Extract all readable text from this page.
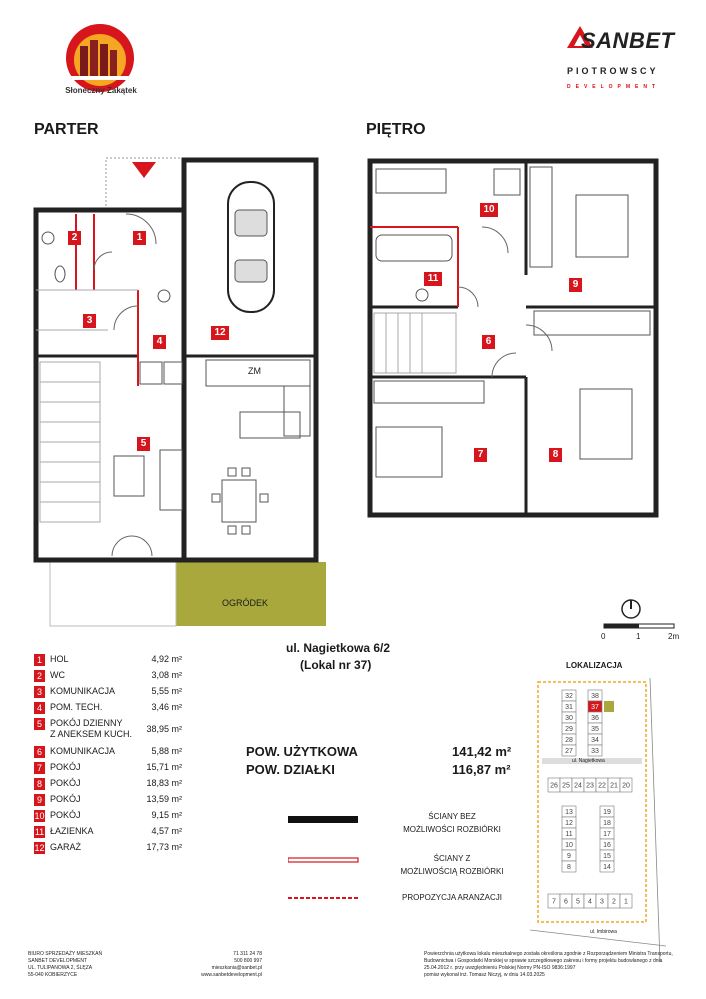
Słoneczny Zakątek
SANBET
PIOTROWSCY
DEVELOPMENT
PARTER	PIĘTRO
ZM
OGRÓDEK
1
2
3
4
5
12
6
7	8
9
10
11
0	1	2m
ul. Nagietkowa 6/2
(Lokal nr 37)
1 HOL	4,92 m²
2 WC	3,08 m²
3 KOMUNIKACJA	5,55 m²
4 POM. TECH.	3,46 m²
5 POKÓJ DZIENNY
Z ANEKSEM KUCH.	38,95 m²
6 KOMUNIKACJA	5,88 m²
7 POKÓJ	15,71 m²
8 POKÓJ	18,83 m²
9 POKÓJ	13,59 m²
10 POKÓJ	9,15 m²
11 ŁAZIENKA	4,57 m²
12 GARAŻ	17,73 m²
POW. UŻYTKOWA	141,42 m²
POW. DZIAŁKI	116,87 m²
ŚCIANY BEZ
MOŻLIWOŚCI ROZBIÓRKI
ŚCIANY Z
MOŻLIWOŚCIĄ ROZBIÓRKI
PROPOZYCJA ARANŻACJI
LOKALIZACJA
32
31
30
29
28
27
38
37
36
35
34
33
26 25 24 23 22 21 20
13
12
11
10
9
8
19
18
17
16
15
14
7 6 5 4 3 2 1
ul. Nagietkowa
ul. Imbirowa
BIURO SPRZEDAŻY MIESZKAŃ
SANBET DEVELOPMENT
UL. TULIPANOWA 2, ŚLĘZA
55-040 KOBIERZYCE
71 311 24 78
500 800 997
mieszkania@sanbet.pl
www.sanbetdevelopment.pl
Powierzchnia użytkowa lokalu mieszkalnego została określona zgodnie z Rozporządzeniem Ministra Transportu,
Budownictwa i Gospodarki Morskiej w sprawie szczegółowego zakresu i formy projektu budowlanego z dnia
25.04.2012 r. przy uwzględnieniu Polskiej Normy PN-ISO 9836:1997
pomiar wykonał inż. Tomasz Niczyj, w dniu 14.03.2025
